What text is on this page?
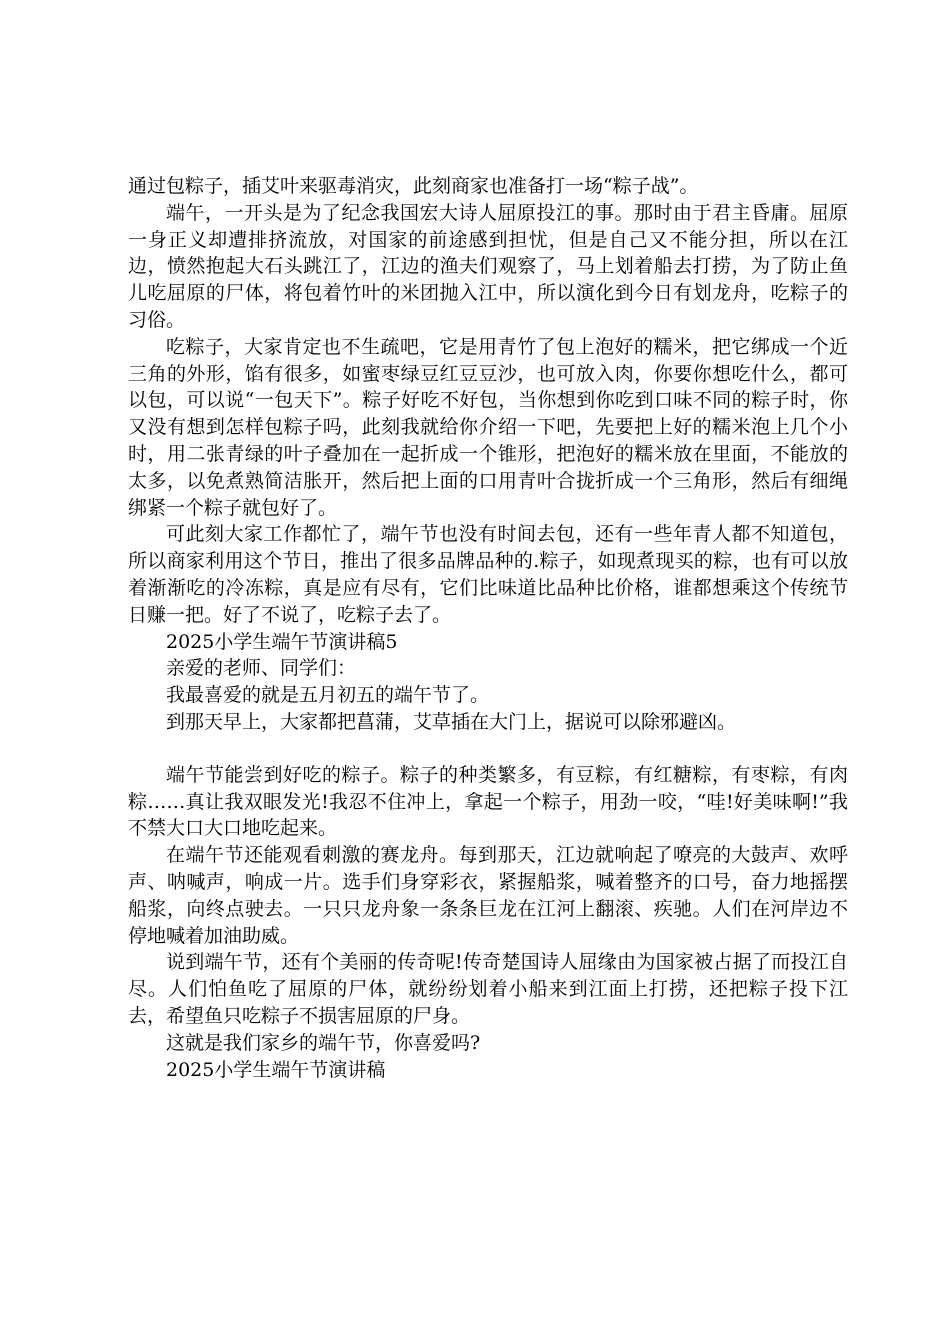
通过包粽子，插艾叶来驱毒消灾，此刻商家也准备打一场“粽子战”。

端午，一开头是为了纪念我国宏大诗人屈原投江的事。那时由于君主昏庸。屈原一身正义却遭排挤流放，对国家的前途感到担忧，但是自己又不能分担，所以在江边，愤然抱起大石头跳江了，江边的渔夫们观察了，马上划着船去打捞，为了防止鱼儿吃屈原的尸体，将包着竹叶的米团抛入江中，所以演化到今日有划龙舟，吃粽子的习俗。

吃粽子，大家肯定也不生疏吧，它是用青竹了包上泡好的糯米，把它绑成一个近三角的外形，馅有很多，如蜜枣绿豆红豆豆沙，也可放入肉，你要你想吃什么，都可以包，可以说“一包天下”。粽子好吃不好包，当你想到你吃到口味不同的粽子时，你又没有想到怎样包粽子吗，此刻我就给你介绍一下吧，先要把上好的糯米泡上几个小时，用二张青绿的叶子叠加在一起折成一个锥形，把泡好的糯米放在里面，不能放的太多，以免煮熟简洁胀开，然后把上面的口用青叶合拢折成一个三角形，然后有细绳绑紧一个粽子就包好了。

可此刻大家工作都忙了，端午节也没有时间去包，还有一些年青人都不知道包，所以商家利用这个节日，推出了很多品牌品种的.粽子，如现煮现买的粽，也有可以放着渐渐吃的冷冻粽，真是应有尽有，它们比味道比品种比价格，谁都想乘这个传统节日赚一把。好了不说了，吃粽子去了。

2025小学生端午节演讲稿5

亲爱的老师、同学们：

我最喜爱的就是五月初五的端午节了。

到那天早上，大家都把菖蒲，艾草插在大门上，据说可以除邪避凶。

端午节能尝到好吃的粽子。粽子的种类繁多，有豆粽，有红糖粽，有枣粽，有肉粽……真让我双眼发光!我忍不住冲上，拿起一个粽子，用劲一咬，“哇!好美味啊!”我不禁大口大口地吃起来。

在端午节还能观看刺激的赛龙舟。每到那天，江边就响起了嘹亮的大鼓声、欢呼声、呐喊声，响成一片。选手们身穿彩衣，紧握船浆，喊着整齐的口号，奋力地摇摆船浆，向终点驶去。一只只龙舟象一条条巨龙在江河上翻滚、疾驰。人们在河岸边不停地喊着加油助威。

说到端午节，还有个美丽的传奇呢!传奇楚国诗人屈缘由为国家被占据了而投江自尽。人们怕鱼吃了屈原的尸体，就纷纷划着小船来到江面上打捞，还把粽子投下江去，希望鱼只吃粽子不损害屈原的尸身。

这就是我们家乡的端午节，你喜爱吗?

2025小学生端午节演讲稿
